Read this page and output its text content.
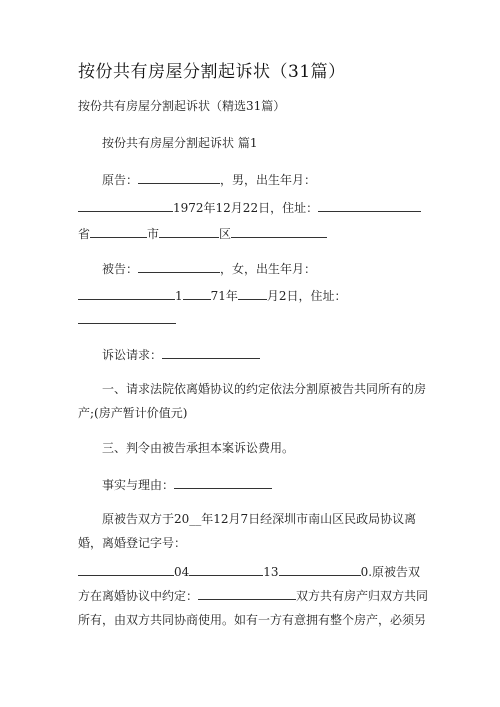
按份共有房屋分割起诉状（31篇）
按份共有房屋分割起诉状（精选31篇）
按份共有房屋分割起诉状 篇1
原告：	，男，出生年月：
1972年12月22日，住址：
省	市	区
被告：	，女，出生年月：
1 71年 月2日，住址：
诉讼请求：
一、请求法院依离婚协议的约定依法分割原被告共同所有的房
产;(房产暂计价值元)
三、判令由被告承担本案诉讼费用。
事实与理由：
原被告双方于20__年12月7日经深圳市南山区民政局协议离
婚，离婚登记字号：
04	13	0.原被告双
方在离婚协议中约定：	双方共有房产归双方共同
所有，由双方共同协商使用。如有一方有意拥有整个房产，必须另
